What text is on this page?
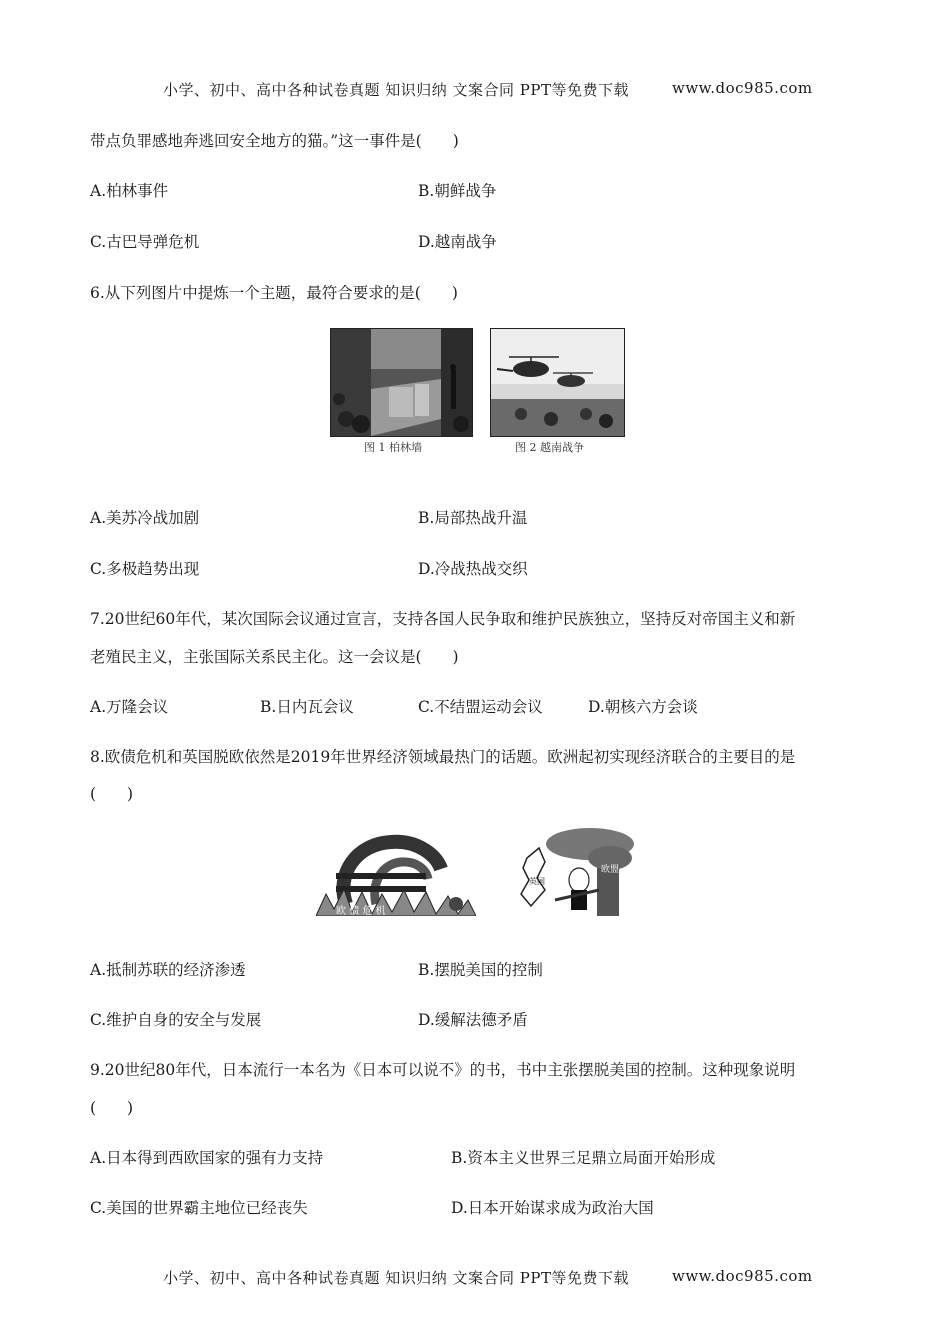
小学、初中、高中各种试卷真题 知识归纳 文案合同 PPT等免费下载	www.doc985.com
带点负罪感地奔逃回安全地方的猫。”这一事件是(　　)
A.柏林事件	B.朝鲜战争
C.古巴导弹危机	D.越南战争
6.从下列图片中提炼一个主题，最符合要求的是(　　)
图 1 柏林墙	图 2 越南战争
A.美苏冷战加剧	B.局部热战升温
C.多极趋势出现	D.冷战热战交织
7.20世纪60年代，某次国际会议通过宣言，支持各国人民争取和维护民族独立，坚持反对帝国主义和新
老殖民主义，主张国际关系民主化。这一会议是(　　)
A.万隆会议	B.日内瓦会议	C.不结盟运动会议	D.朝核六方会谈
8.欧债危机和英国脱欧依然是2019年世界经济领域最热门的话题。欧洲起初实现经济联合的主要目的是
(　　)
欧 债 危 机
欧盟
英国
A.抵制苏联的经济渗透	B.摆脱美国的控制
C.维护自身的安全与发展	D.缓解法德矛盾
9.20世纪80年代，日本流行一本名为《日本可以说不》的书，书中主张摆脱美国的控制。这种现象说明
(　　)
A.日本得到西欧国家的强有力支持	B.资本主义世界三足鼎立局面开始形成
C.美国的世界霸主地位已经丧失	D.日本开始谋求成为政治大国
小学、初中、高中各种试卷真题 知识归纳 文案合同 PPT等免费下载	www.doc985.com
